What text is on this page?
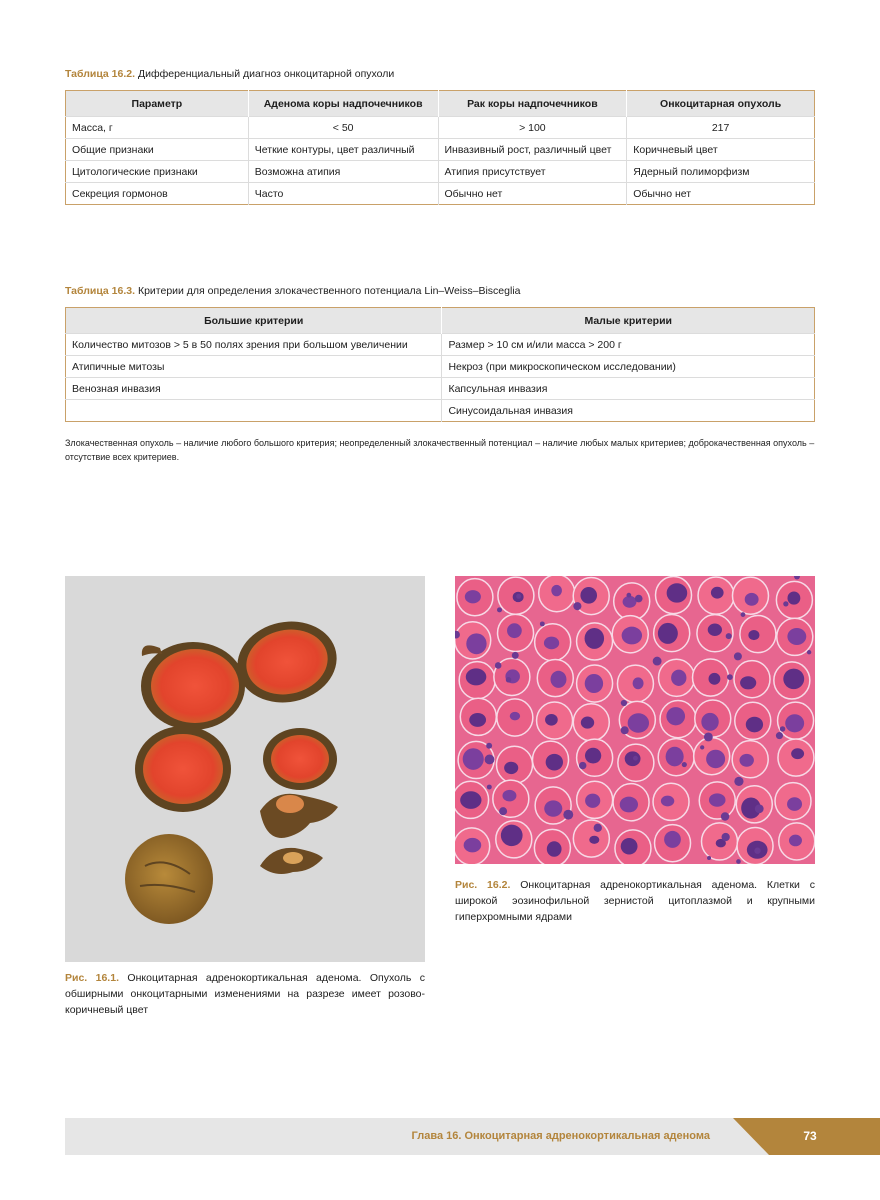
Таблица 16.2. Дифференциальный диагноз онкоцитарной опухоли
Параметр	Аденома коры надпочечников	Рак коры надпочечников	Онкоцитарная опухоль
Масса, г	< 50	> 100	217
Общие признаки	Четкие контуры, цвет различный	Инвазивный рост, различный цвет	Коричневый цвет
Цитологические признаки	Возможна атипия	Атипия присутствует	Ядерный полиморфизм
Секреция гормонов	Часто	Обычно нет	Обычно нет
Таблица 16.3. Критерии для определения злокачественного потенциала Lin–Weiss–Bisceglia
Большие критерии	Малые критерии
Количество митозов > 5 в 50 полях зрения при большом увеличении	Размер > 10 см и/или масса > 200 г
Атипичные митозы	Некроз (при микроскопическом исследовании)
Венозная инвазия	Капсульная инвазия
	Синусоидальная инвазия
Злокачественная опухоль – наличие любого большого критерия; неопределенный злокачественный потенциал – наличие любых малых критериев; доброкачественная опухоль – отсутствие всех критериев.
Рис. 16.1. Онкоцитарная адренокортикальная аденома. Опухоль с обширными онкоцитарными изменениями на разрезе имеет розово-коричневый цвет
Рис. 16.2. Онкоцитарная адренокортикальная аденома. Клетки с широкой эозинофильной зернистой цитоплазмой и крупными гиперхромными ядрами
Глава 16. Онкоцитарная адренокортикальная аденома	73
